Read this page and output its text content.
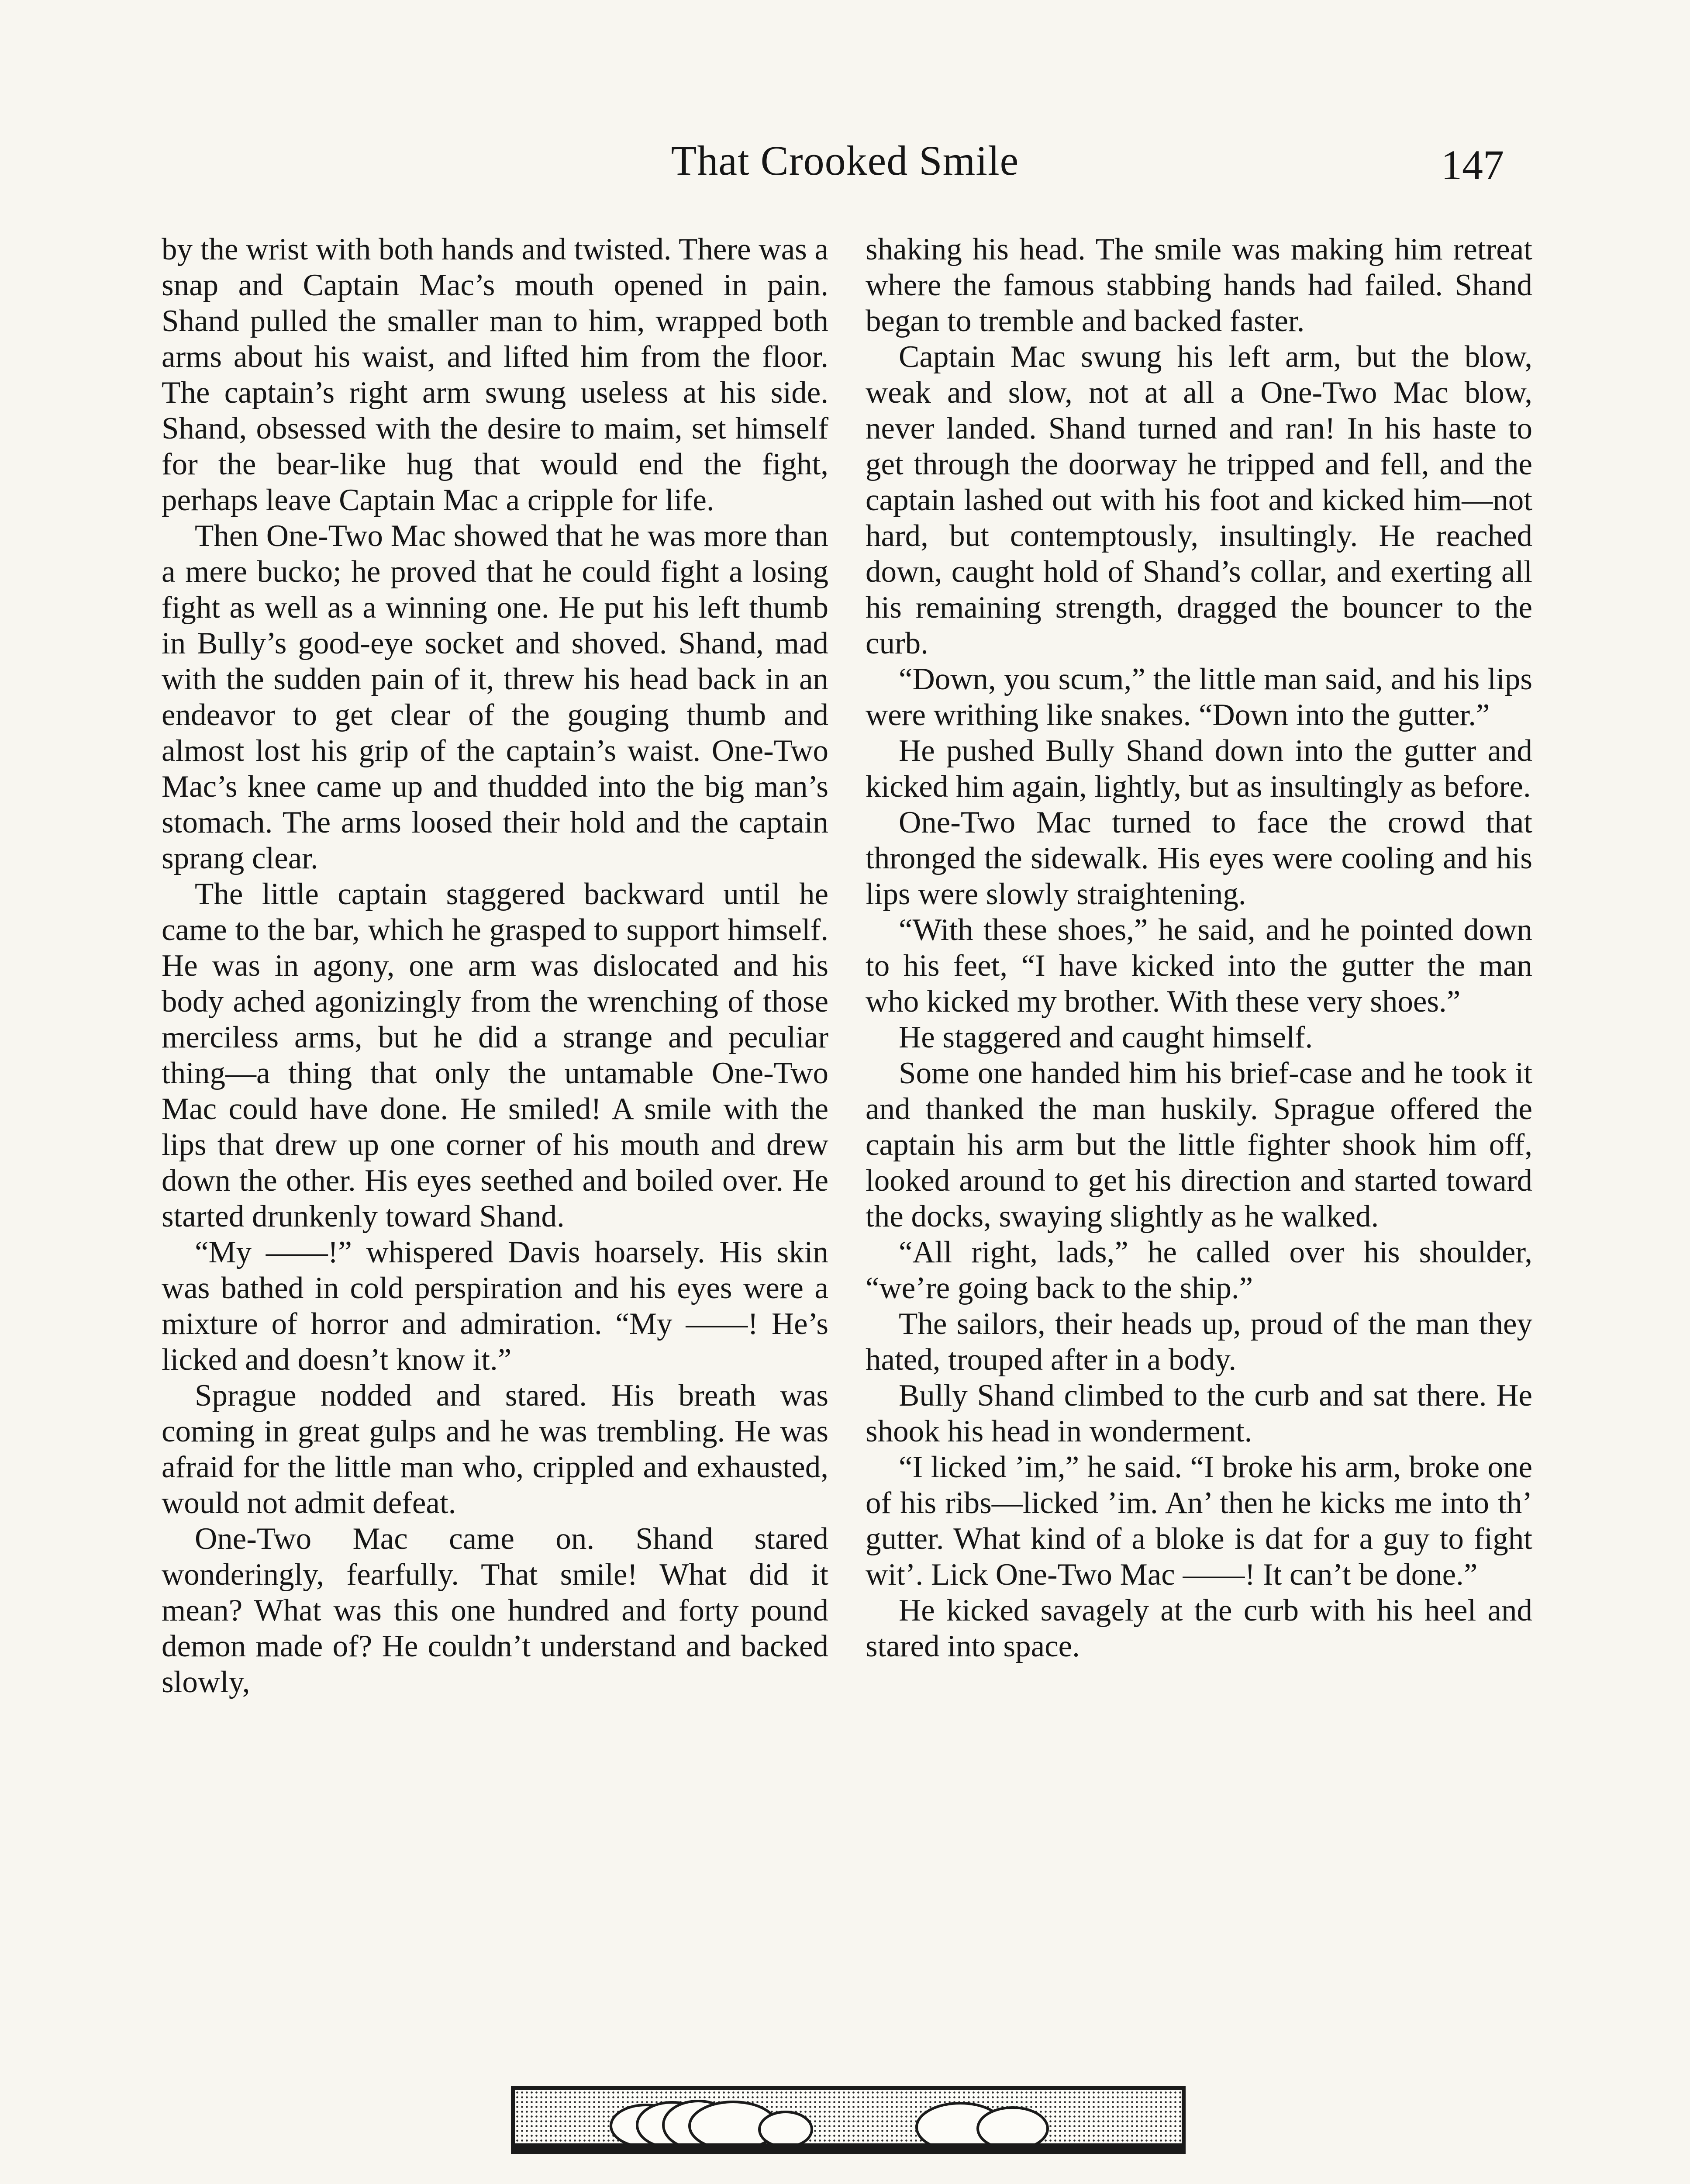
That Crooked Smile	147

by the wrist with both hands and twisted. There was a snap and Captain Mac’s mouth opened in pain. Shand pulled the smaller man to him, wrapped both arms about his waist, and lifted him from the floor. The captain’s right arm swung useless at his side. Shand, obsessed with the desire to maim, set himself for the bear-like hug that would end the fight, perhaps leave Captain Mac a cripple for life.

Then One-Two Mac showed that he was more than a mere bucko; he proved that he could fight a losing fight as well as a winning one. He put his left thumb in Bully’s good-eye socket and shoved. Shand, mad with the sudden pain of it, threw his head back in an endeavor to get clear of the gouging thumb and almost lost his grip of the captain’s waist. One-Two Mac’s knee came up and thudded into the big man’s stomach. The arms loosed their hold and the captain sprang clear.

The little captain staggered backward until he came to the bar, which he grasped to support himself. He was in agony, one arm was dislocated and his body ached agonizingly from the wrenching of those merciless arms, but he did a strange and peculiar thing—a thing that only the untamable One-Two Mac could have done. He smiled! A smile with the lips that drew up one corner of his mouth and drew down the other. His eyes seethed and boiled over. He started drunkenly toward Shand.

“My ——!” whispered Davis hoarsely. His skin was bathed in cold perspiration and his eyes were a mixture of horror and admiration. “My ——! He’s licked and doesn’t know it.”

Sprague nodded and stared. His breath was coming in great gulps and he was trembling. He was afraid for the little man who, crippled and exhausted, would not admit defeat.

One-Two Mac came on. Shand stared wonderingly, fearfully. That smile! What did it mean? What was this one hundred and forty pound demon made of? He couldn’t understand and backed slowly,

shaking his head. The smile was making him retreat where the famous stabbing hands had failed. Shand began to tremble and backed faster.

Captain Mac swung his left arm, but the blow, weak and slow, not at all a One-Two Mac blow, never landed. Shand turned and ran! In his haste to get through the doorway he tripped and fell, and the captain lashed out with his foot and kicked him—not hard, but contemptously, insultingly. He reached down, caught hold of Shand’s collar, and exerting all his remaining strength, dragged the bouncer to the curb.

“Down, you scum,” the little man said, and his lips were writhing like snakes. “Down into the gutter.”

He pushed Bully Shand down into the gutter and kicked him again, lightly, but as insultingly as before.

One-Two Mac turned to face the crowd that thronged the sidewalk. His eyes were cooling and his lips were slowly straightening.

“With these shoes,” he said, and he pointed down to his feet, “I have kicked into the gutter the man who kicked my brother. With these very shoes.”

He staggered and caught himself.

Some one handed him his brief-case and he took it and thanked the man huskily. Sprague offered the captain his arm but the little fighter shook him off, looked around to get his direction and started toward the docks, swaying slightly as he walked.

“All right, lads,” he called over his shoulder, “we’re going back to the ship.”

The sailors, their heads up, proud of the man they hated, trouped after in a body.

Bully Shand climbed to the curb and sat there. He shook his head in wonderment.

“I licked ’im,” he said. “I broke his arm, broke one of his ribs—licked ’im. An’ then he kicks me into th’ gutter. What kind of a bloke is dat for a guy to fight wit’. Lick One-Two Mac ——! It can’t be done.”

He kicked savagely at the curb with his heel and stared into space.
